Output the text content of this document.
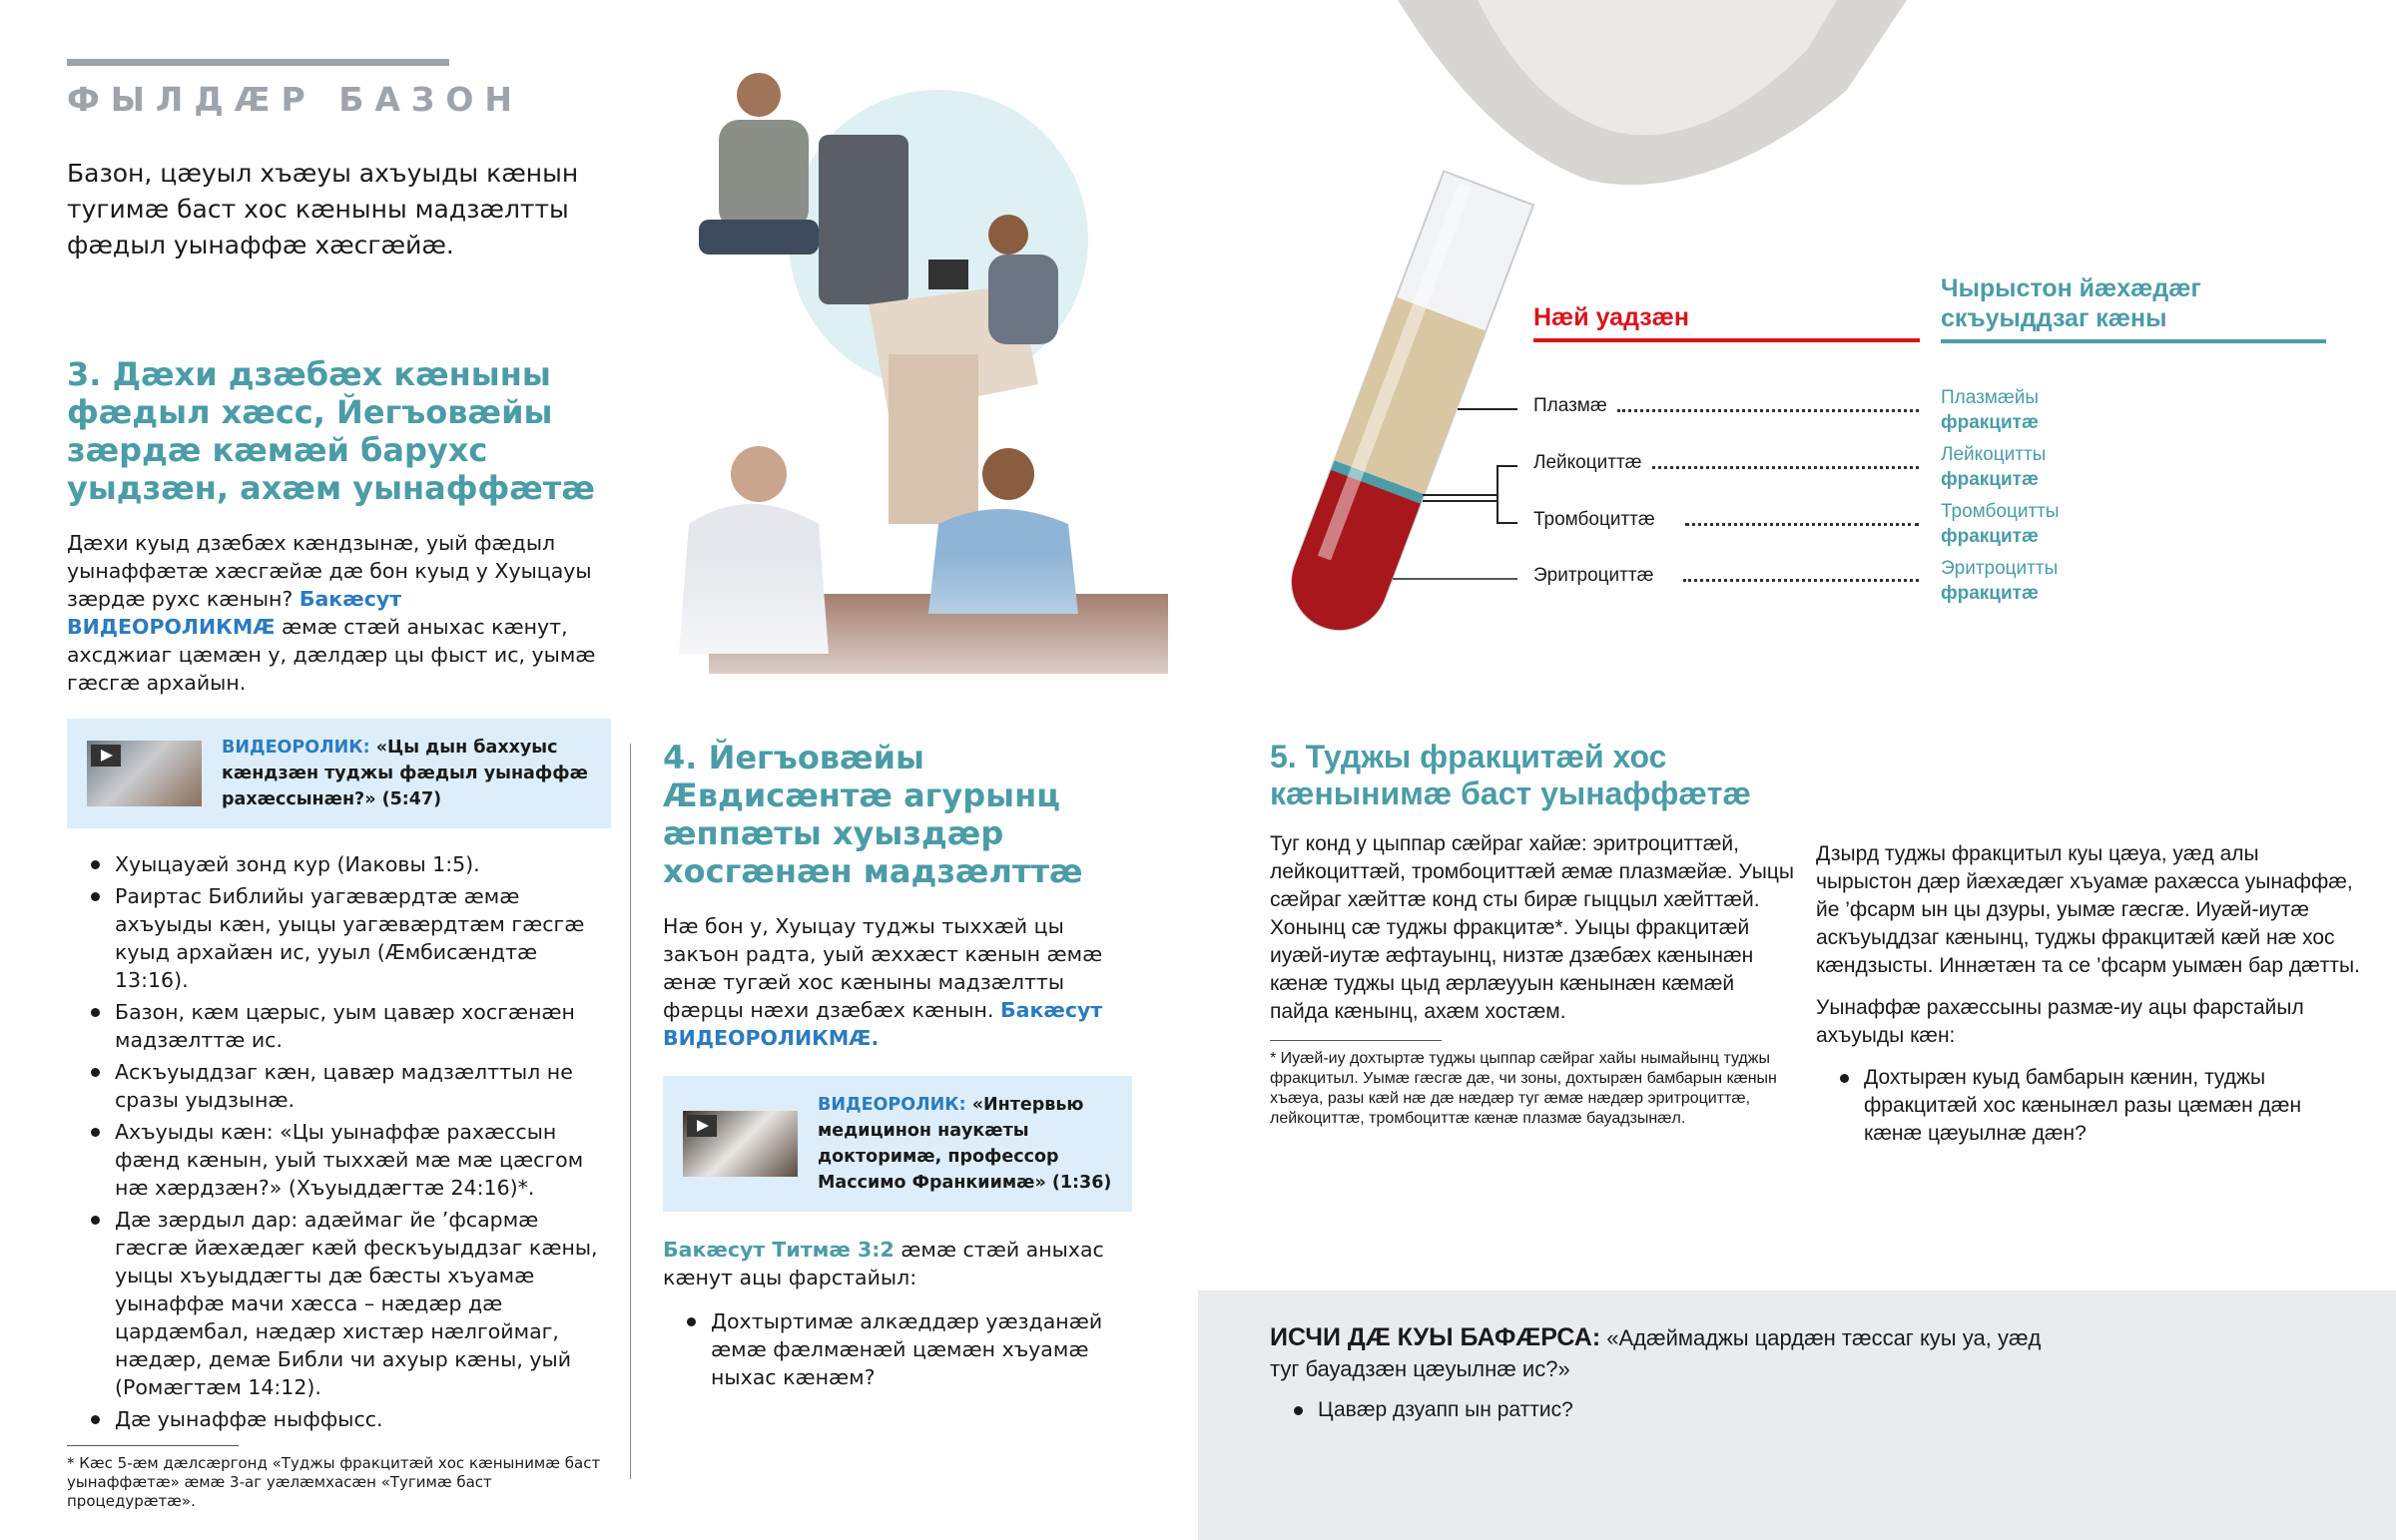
ФЫЛДÆР БАЗОН
Базон, цæуыл хъæуы ахъуыды кæнын тугимæ баст хос кæныны мадзæлтты фæдыл уынаффæ хæсгæйæ.
3. Дæхи дзæбæх кæныны фæдыл хæсс, Йегъовæйы зæрдæ кæмæй барухс уыдзæн, ахæм уынаффæтæ
Дæхи куыд дзæбæх кæндзынæ, уый фæдыл уынаффæтæ хæсгæйæ дæ бон куыд у Хуыцауы зæрдæ рухс кæнын? Бакæсут ВИДЕОРОЛИКМÆ æмæ стæй аныхас кæнут, ахсджиаг цæмæн у, дæлдæр цы фыст ис, уымæ гæсгæ архайын.
ВИДЕОРОЛИК: «Цы дын баххуыс кæндзæн туджы фæдыл уынаффæ рахæссынæн?» (5:47)
Хуыцауæй зонд кур (Иаковы 1:5).
Раиртас Библийы уагæвæрдтæ æмæ ахъуыды кæн, уыцы уагæвæрдтæм гæсгæ куыд архайæн ис, ууыл (Æмбисæндтæ 13:16).
Базон, кæм цæрыс, уым цавæр хосгæнæн мадзæлттæ ис.
Аскъуыддзаг кæн, цавæр мадзæлттыл не сразы уыдзынæ.
Ахъуыды кæн: «Цы уынаффæ рахæссын фæнд кæнын, уый тыххæй мæ мæ цæсгом нæ хæрдзæн?» (Хъуыддæгтæ 24:16)*.
Дæ зæрдыл дар: адæймаг йе ’фсармæ гæсгæ йæхæдæг кæй фескъуыддзаг кæны, уыцы хъуыддæгты дæ бæсты хъуамæ уынаффæ мачи хæсса – нæдæр дæ цардæмбал, нæдæр хистæр нæлгоймаг, нæдæр, демæ Библи чи ахуыр кæны, уый (Ромæгтæм 14:12).
Дæ уынаффæ ныффысс.
* Кæс 5-æм дæлсæргонд «Туджы фракцитæй хос кæнынимæ баст уынаффæтæ» æмæ 3-аг уæлæмхасæн «Тугимæ баст процедурæтæ».
4. Йегъовæйы Æвдисæнтæ агурынц æппæты хуыздæр хосгæнæн мадзæлттæ
Нæ бон у, Хуыцау туджы тыххæй цы закъон радта, уый æххæст кæнын æмæ æнæ тугæй хос кæныны мадзæлтты фæрцы нæхи дзæбæх кæнын. Бакæсут ВИДЕОРОЛИКМÆ.
ВИДЕОРОЛИК: «Интервью медицинон наукæты докторимæ, профессор Массимо Франкиимæ» (1:36)
Бакæсут Титмæ 3:2 æмæ стæй аныхас кæнут ацы фарстайыл:
Дохтыртимæ алкæддæр уæзданæй æмæ фæлмæнæй цæмæн хъуамæ ныхас кæнæм?
Нæй уадзæн
Чырыстон йæхæдæг скъуыддзаг кæны
Плазмæ
Лейкоциттæ
Тромбоциттæ
Эритроциттæ
Плазмæйы
фракцитæ
Лейкоцитты
фракцитæ
Тромбоцитты
фракцитæ
Эритроцитты
фракцитæ
5. Туджы фракцитæй хос кæнынимæ баст уынаффæтæ
Туг конд у цыппар сæйраг хайæ: эритроциттæй, лейкоциттæй, тромбоциттæй æмæ плазмæйæ. Уыцы сæйраг хæйттæ конд сты бирæ гыццыл хæйттæй. Хонынц сæ туджы фракцитæ*. Уыцы фракцитæй иуæй-иутæ æфтауынц, низтæ дзæбæх кæнынæн кæнæ туджы цыд æрлæууын кæнынæн кæмæй пайда кæнынц, ахæм хостæм.
* Иуæй-иу дохтыртæ туджы цыппар сæйраг хайы нымайынц туджы фракцитыл. Уымæ гæсгæ дæ, чи зоны, дохтырæн бамбарын кæнын хъæуа, разы кæй нæ дæ нæдæр туг æмæ нæдæр эритроциттæ, лейкоциттæ, тромбоциттæ кæнæ плазмæ бауадзынæл.
Дзырд туджы фракцитыл куы цæуа, уæд алы чырыстон дæр йæхæдæг хъуамæ рахæсса уынаффæ, йе ’фсарм ын цы дзуры, уымæ гæсгæ. Иуæй-иутæ аскъуыддзаг кæнынц, туджы фракцитæй кæй нæ хос кæндзысты. Иннæтæн та се ’фсарм уымæн бар дæтты.
Уынаффæ рахæссыны размæ-иу ацы фарстайыл ахъуыды кæн:
Дохтырæн куыд бамбарын кæнин, туджы фракцитæй хос кæнынæл разы цæмæн дæн кæнæ цæуылнæ дæн?
ИСЧИ ДÆ КУЫ БАФÆРСА: «Адæймаджы цардæн тæссаг куы уа, уæд туг бауадзæн цæуылнæ ис?»
Цавæр дзуапп ын раттис?
